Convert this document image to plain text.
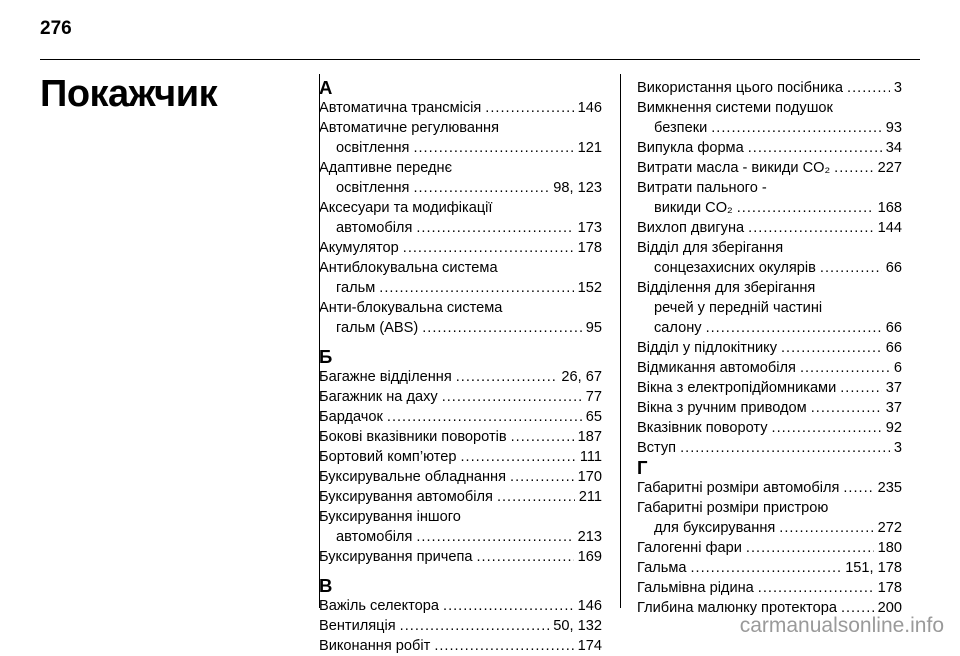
276
Покажчик	А
Автоматична трансмісія .....	146
Автоматичне регулювання
освітлення .....	121
Адаптивне переднє
освітлення .....	98, 123
Аксесуари та модифікації
автомобіля .....	173
Акумулятор .....	178
Антиблокувальна система
гальм .....	152
Анти-блокувальна система
гальм (ABS) .....	95
Б
Багажне відділення .....	26, 67
Багажник на даху .....	77
Бардачок .....	65
Бокові вказівники поворотів .....	187
Бортовий комп’ютер .....	111
Буксирувальне обладнання .....	170
Буксирування автомобіля .....	211
Буксирування іншого
автомобіля .....	213
Буксирування причепа .....	169
В
Важіль селектора .....	146
Вентиляція .....	50, 132
Виконання робіт .....	174
Використання цього посібника .....	3
Вимкнення системи подушок
безпеки .....	93
Випукла форма .....	34
Витрати масла - викиди CO₂ .....	227
Витрати пального -
викиди CO₂ .....	168
Вихлоп двигуна .....	144
Відділ для зберігання
сонцезахисних окулярів .....	66
Відділення для зберігання
речей у передній частині
салону .....	66
Відділ у підлокітнику .....	66
Відмикання автомобіля .....	6
Вікна з електропідйомниками .....	37
Вікна з ручним приводом .....	37
Вказівник повороту .....	92
Вступ .....	3
Г
Габаритні розміри автомобіля .....	235
Габаритні розміри пристрою
для буксирування .....	272
Галогенні фари .....	180
Гальма .....	151, 178
Гальмівна рідина .....	178
Глибина малюнку протектора .....	200
carmanualsonline.info
